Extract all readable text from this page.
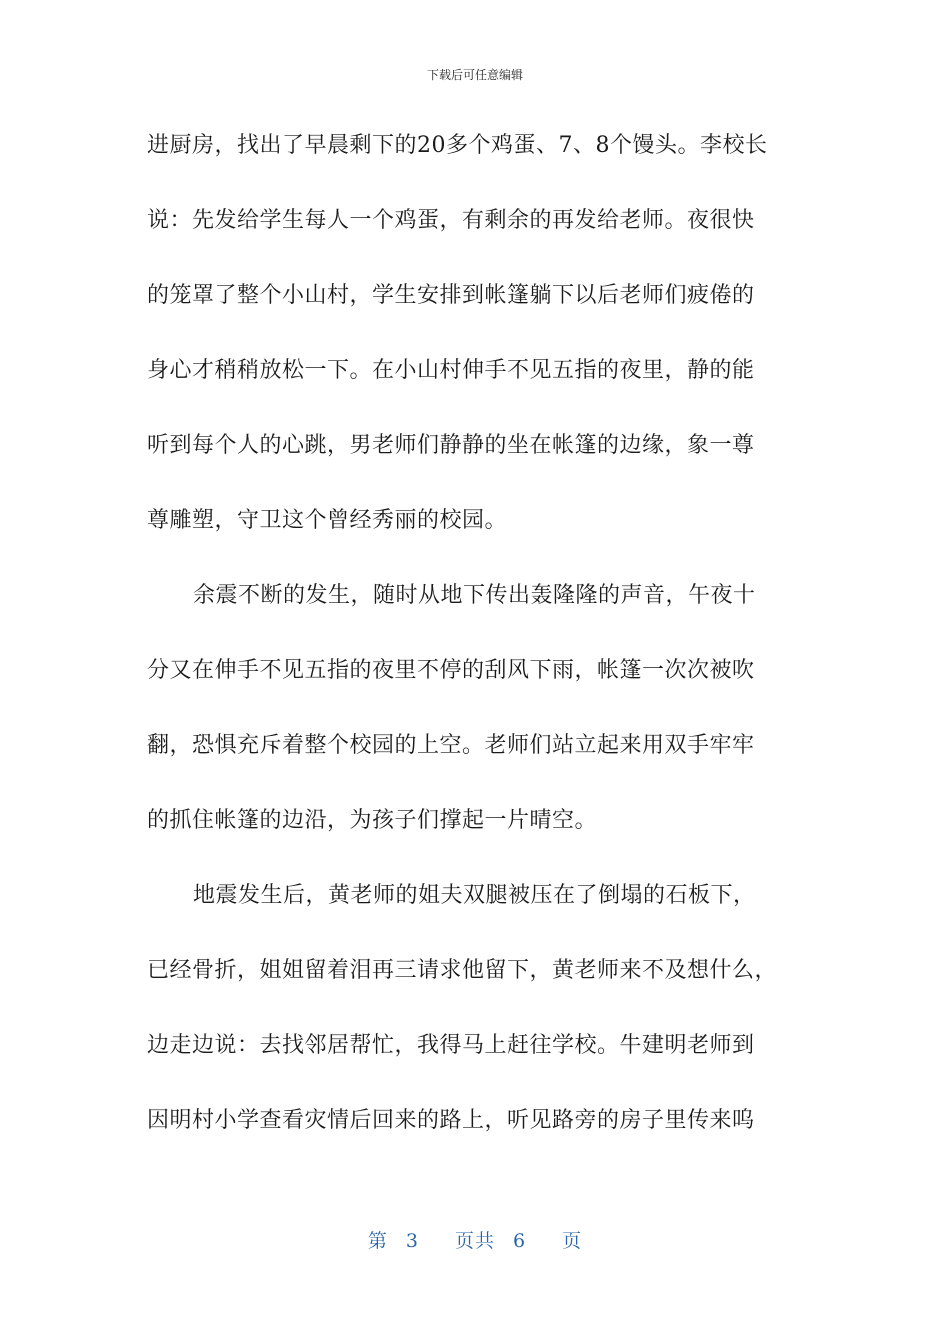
下载后可任意编辑
进厨房，找出了早晨剩下的20多个鸡蛋、7、8个馒头。李校长
说：先发给学生每人一个鸡蛋，有剩余的再发给老师。夜很快
的笼罩了整个小山村，学生安排到帐篷躺下以后老师们疲倦的
身心才稍稍放松一下。在小山村伸手不见五指的夜里，静的能
听到每个人的心跳，男老师们静静的坐在帐篷的边缘，象一尊
尊雕塑，守卫这个曾经秀丽的校园。
余震不断的发生，随时从地下传出轰隆隆的声音，午夜十
分又在伸手不见五指的夜里不停的刮风下雨，帐篷一次次被吹
翻，恐惧充斥着整个校园的上空。老师们站立起来用双手牢牢
的抓住帐篷的边沿，为孩子们撑起一片晴空。
地震发生后，黄老师的姐夫双腿被压在了倒塌的石板下，
已经骨折，姐姐留着泪再三请求他留下，黄老师来不及想什么，
边走边说：去找邻居帮忙，我得马上赶往学校。牛建明老师到
因明村小学查看灾情后回来的路上，听见路旁的房子里传来呜
第 3 页共 6 页
